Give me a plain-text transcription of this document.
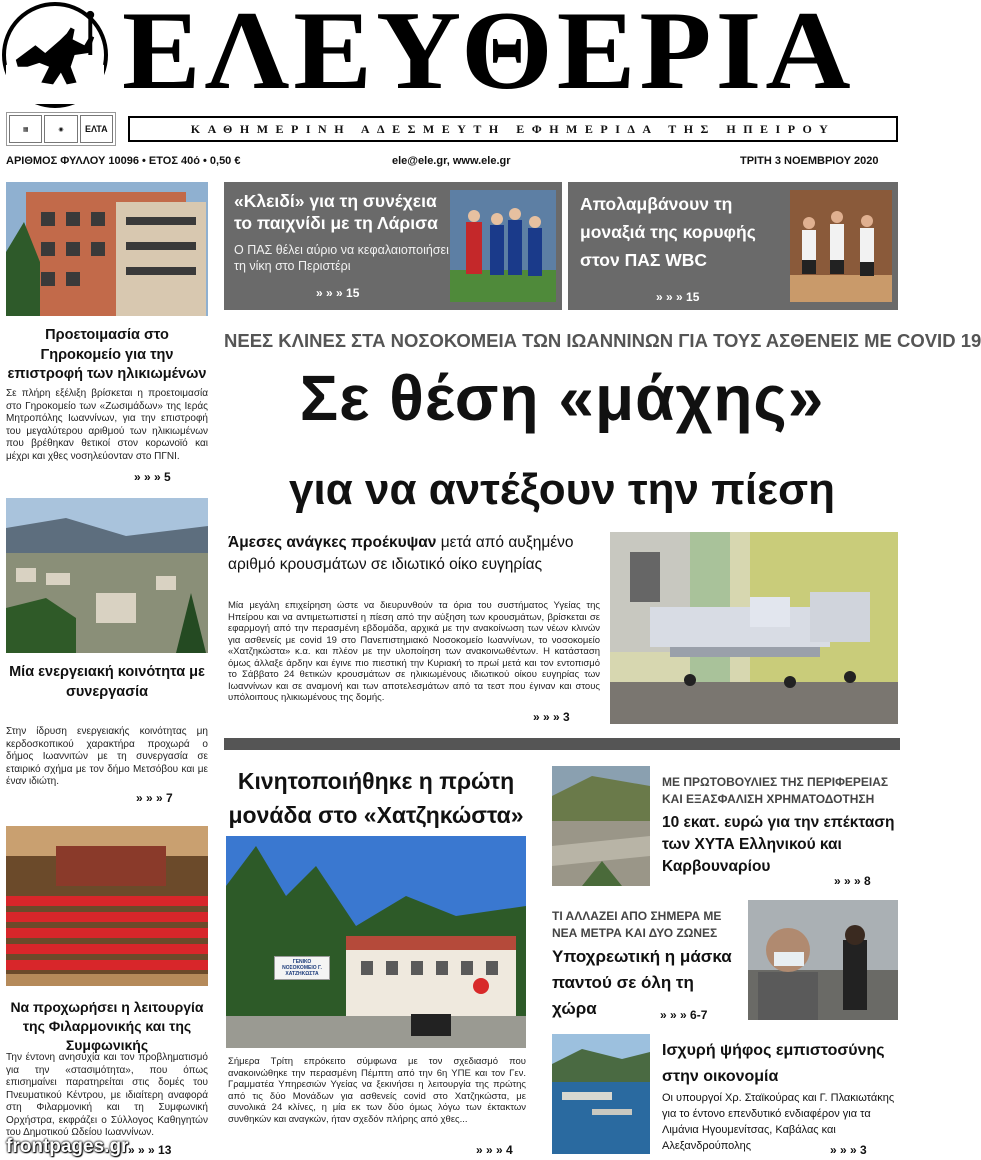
ΕΛΕΥΘΕΡΙΑ
▦	◉	ΕΛΤΑ	ΚΑΘΗΜΕΡΙΝΗ ΑΔΕΣΜΕΥΤΗ ΕΦΗΜΕΡΙΔΑ ΤΗΣ ΗΠΕΙΡΟΥ
ΑΡΙΘΜΟΣ ΦΥΛΛΟΥ 10096 • ΕΤΟΣ 40ό • 0,50 €	ele@ele.gr, www.ele.gr	ΤΡΙΤΗ 3 ΝΟΕΜΒΡΙΟΥ 2020
Προετοιμασία στο Γηροκομείο για την επιστροφή των ηλικιωμένων
Σε πλήρη εξέλιξη βρίσκεται η προετοιμασία στο Γηροκομείο των «Ζωσιμάδων» της Ιεράς Μητροπόλης Ιωαννίνων, για την επιστροφή του μεγαλύτερου αριθμού των ηλικιωμένων που βρέθηκαν θετικοί στον κορωνοϊό και μέχρι και χθες νοσηλεύονταν στο ΠΓΝΙ.
» » » 5
Μία ενεργειακή κοινότητα με συνεργασία
Στην ίδρυση ενεργειακής κοινότητας μη κερδοσκοπικού χαρακτήρα προχωρά ο δήμος Ιωαννιτών με τη συνεργασία σε εταιρικό σχήμα με τον δήμο Μετσόβου και με έναν ιδιώτη.
» » » 7
Να προχωρήσει η λειτουργία της Φιλαρμονικής και της Συμφωνικής
Την έντονη ανησυχία και τον προβληματισμό για την «στασιμότητα», που όπως επισημαίνει παρατηρείται στις δομές του Πνευματικού Κέντρου, με ιδιαίτερη αναφορά στη Φιλαρμονική και τη Συμφωνική Ορχήστρα, εκφράζει ο Σύλλογος Καθηγητών του Δημοτικού Ωδείου Ιωαννίνων.
» » » 13
«Κλειδί» για τη συνέχεια το παιχνίδι με τη Λάρισα
Ο ΠΑΣ θέλει αύριο να κεφαλαιοποιήσει τη νίκη στο Περιστέρι
» » » 15
Απολαμβάνουν τη μοναξιά της κορυφής στον ΠΑΣ WBC
» » » 15
ΝΕΕΣ ΚΛΙΝΕΣ ΣΤΑ ΝΟΣΟΚΟΜΕΙΑ ΤΩΝ ΙΩΑΝΝΙΝΩΝ ΓΙΑ ΤΟΥΣ ΑΣΘΕΝΕΙΣ ΜΕ COVID 19
Σε θέση «μάχης»
για να αντέξουν την πίεση
Άμεσες ανάγκες προέκυψαν μετά από αυξημένο αριθμό κρουσμάτων σε ιδιωτικό οίκο ευγηρίας
Μία μεγάλη επιχείρηση ώστε να διευρυνθούν τα όρια του συστήματος Υγείας της Ηπείρου και να αντιμετωπιστεί η πίεση από την αύξηση των κρουσμάτων, βρίσκεται σε εφαρμογή από την περασμένη εβδομάδα, αρχικά με την ανακοίνωση των νέων κλινών για ασθενείς με covid 19 στο Πανεπιστημιακό Νοσοκομείο Ιωαννίνων, το νοσοκομείο «Χατζηκώστα» κ.α. και πλέον με την υλοποίηση των ανακοινωθέντων. Η κατάσταση όμως άλλαξε άρδην και έγινε πιο πιεστική την Κυριακή το πρωί μετά και τον εντοπισμό το Σάββατο 24 θετικών κρουσμάτων σε ηλικιωμένους ιδιωτικού οίκου ευγηρίας των Ιωαννίνων και σε αναμονή και των αποτελεσμάτων από τα τεστ που έγιναν και στους υπόλοιπους ηλικιωμένους της δομής.
» » » 3
Κινητοποιήθηκε η πρώτη μονάδα στο «Χατζηκώστα»
ΓΕΝΙΚΟ ΝΟΣΟΚΟΜΕΙΟ Γ. ΧΑΤΖΗΚΩΣΤΑ
Σήμερα Τρίτη επρόκειτο σύμφωνα με τον σχεδιασμό που ανακοινώθηκε την περασμένη Πέμπτη από την 6η ΥΠΕ και τον Γεν. Γραμματέα Υπηρεσιών Υγείας να ξεκινήσει η λειτουργία της πρώτης από τις δύο Μονάδων για ασθενείς covid στο Χατζηκώστα, με συνολικά 24 κλίνες, η μία εκ των δύο όμως λόγω των έκτακτων συνθηκών και αναγκών, ήταν σχεδόν πλήρης από χθες...
» » » 4
ΜΕ ΠΡΩΤΟΒΟΥΛΙΕΣ ΤΗΣ ΠΕΡΙΦΕΡΕΙΑΣ ΚΑΙ ΕΞΑΣΦΑΛΙΣΗ ΧΡΗΜΑΤΟΔΟΤΗΣΗ
10 εκατ. ευρώ για την επέκταση των ΧΥΤΑ Ελληνικού και Καρβουναρίου
» » » 8
ΤΙ ΑΛΛΑΖΕΙ ΑΠΟ ΣΗΜΕΡΑ ΜΕ ΝΕΑ ΜΕΤΡΑ ΚΑΙ ΔΥΟ ΖΩΝΕΣ
Υποχρεωτική η μάσκα παντού σε όλη τη χώρα	» » » 6-7
Ισχυρή ψήφος εμπιστοσύνης στην οικονομία
Οι υπουργοί Χρ. Σταϊκούρας και Γ. Πλακιωτάκης για το έντονο επενδυτικό ενδιαφέρον για τα Λιμάνια Ηγουμενίτσας, Καβάλας και Αλεξανδρούπολης	» » » 3
frontpages.gr
